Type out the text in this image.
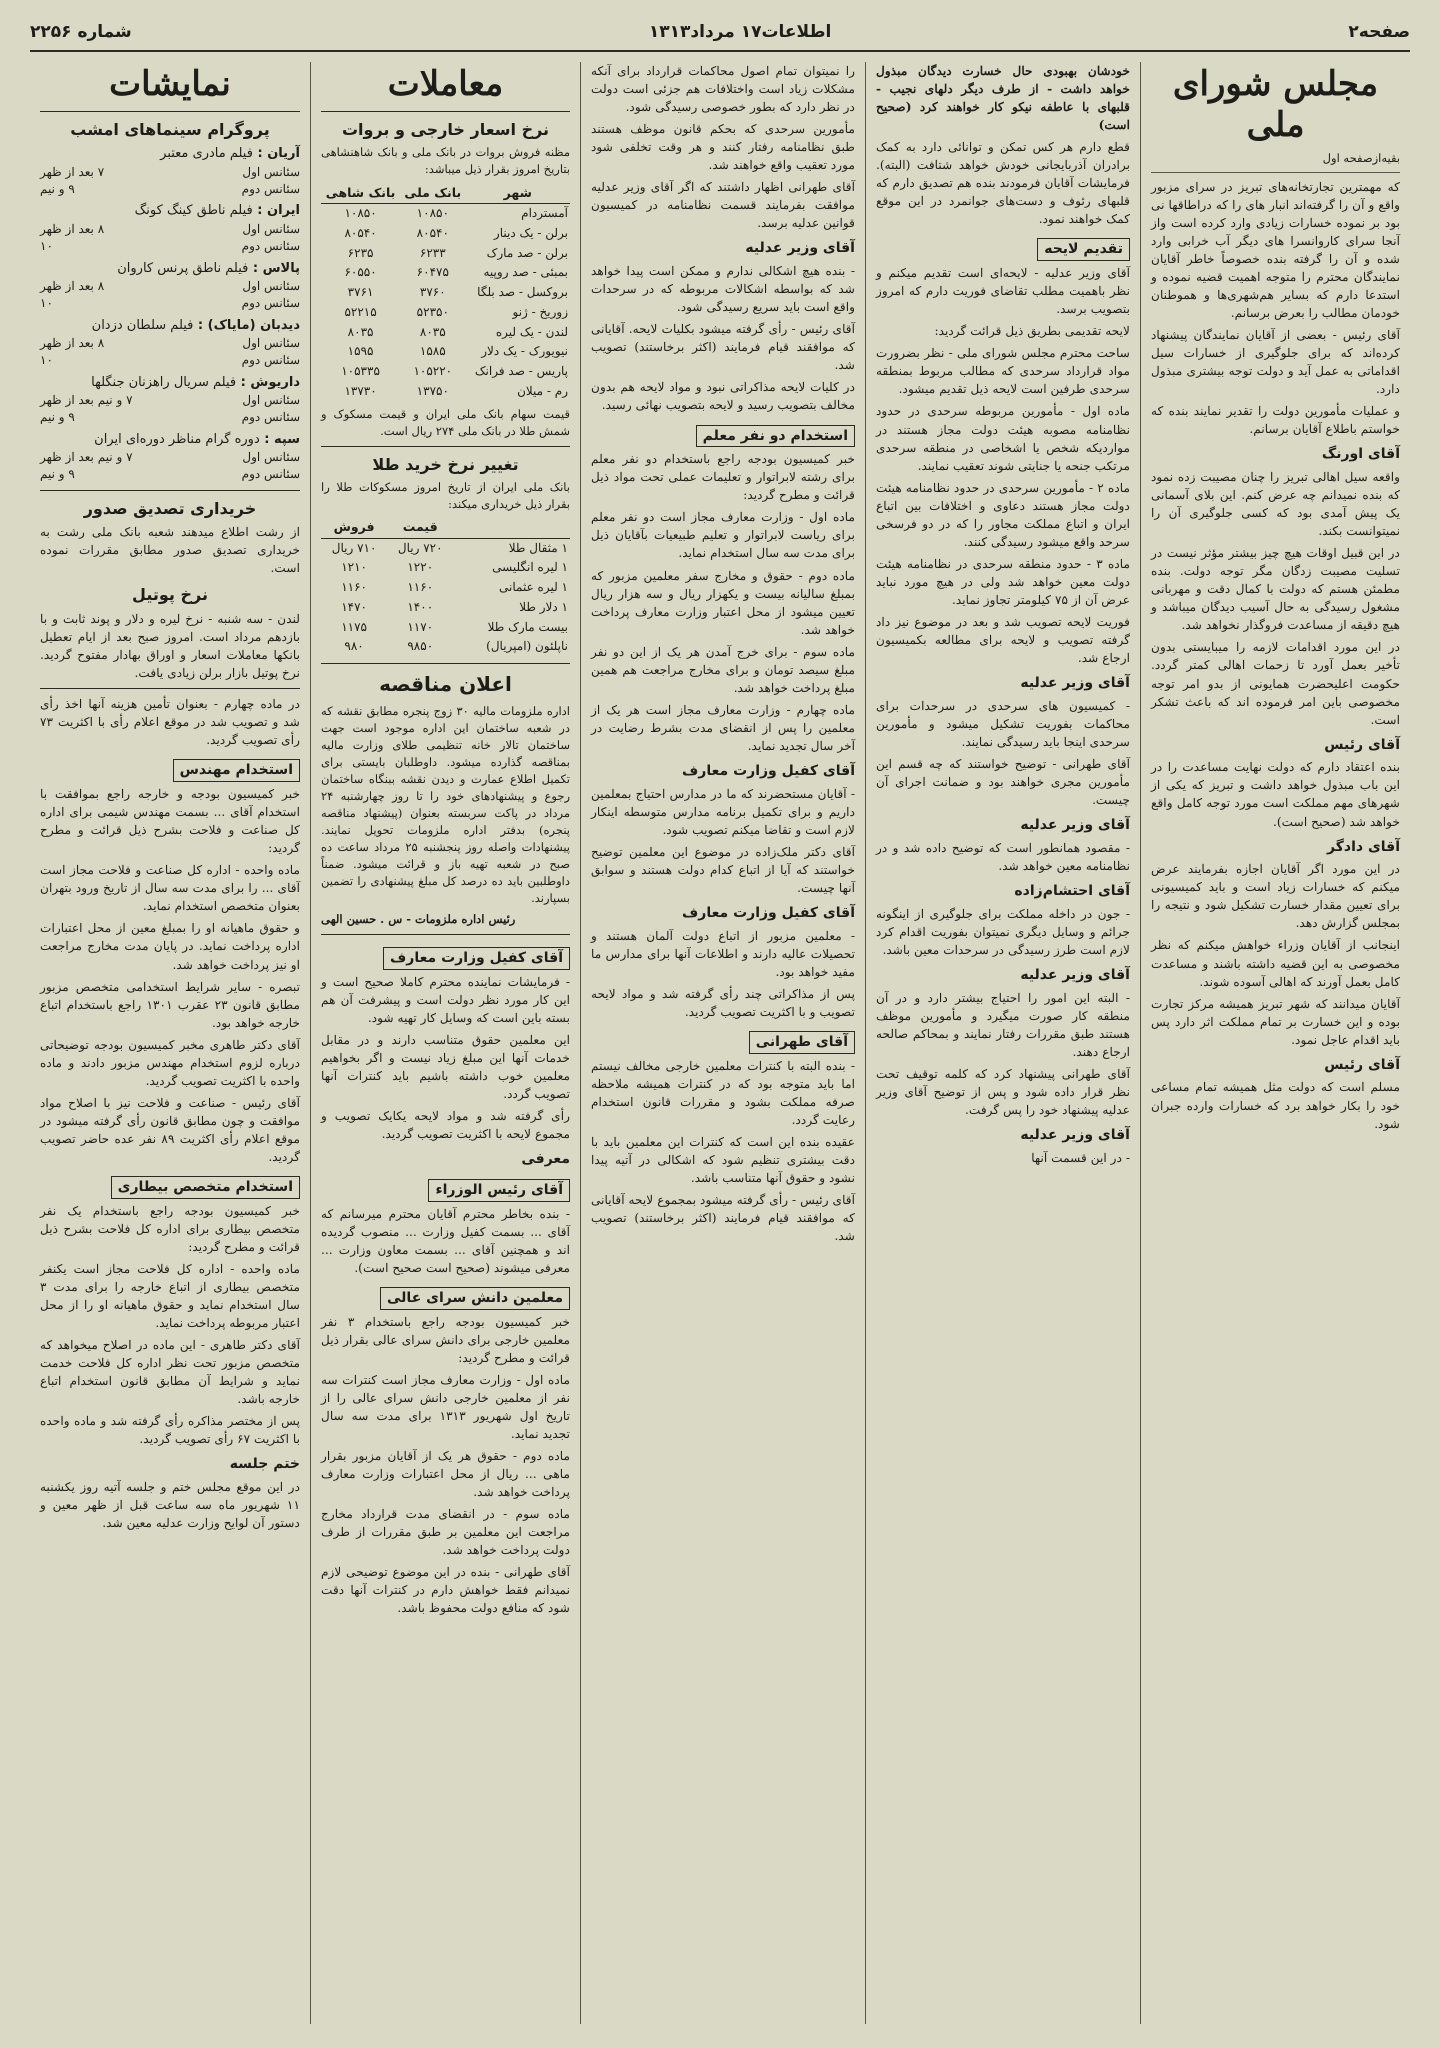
صفحه۲
اطلاعات۱۷ مرداد۱۳۱۳
شماره ۲۲۵۶
مجلس شورای ملی
بقیه‌ازصفحه اول

که مهمترین تجارتخانه‌های تبریز در سرای مزبور واقع و آن را گرفته‌اند انبار های را که دراطاقها نی بود بر نموده خسارات زیادی وارد کرده است واز آنجا سرای کاروانسرا های دیگر آب خرابی وارد شده و آن را گرفته بنده خصوصاً خاطر آقایان نمایندگان محترم را متوجه اهمیت قضیه نموده و استدعا دارم که بسایر هم‌شهری‌ها و هموطنان خودمان مطالب را بعرض برسانم.

آقای رئیس - بعضی از آقایان نمایندگان پیشنهاد کرده‌اند که برای جلوگیری از خسارات سیل اقداماتی به عمل آید و دولت توجه بیشتری مبذول دارد.

و عملیات مأمورین دولت را تقدیر نمایند بنده که خواستم باطلاع آقایان برسانم.

آقای اورنگ

واقعه سیل اهالی تبریز را چنان مصیبت زده نمود که بنده نمیدانم چه عرض کنم. این بلای آسمانی یک پیش آمدی بود که کسی جلوگیری آن را نمیتوانست بکند.

در این قبیل اوقات هیچ چیز بیشتر مؤثر نیست در تسلیت مصیبت زدگان مگر توجه دولت. بنده مطمئن هستم که دولت با کمال دقت و مهربانی مشغول رسیدگی به حال آسیب دیدگان میباشد و هیچ دقیقه از مساعدت فروگذار نخواهد شد.

در این مورد اقدامات لازمه را میبایستی بدون تأخیر بعمل آورد تا زحمات اهالی کمتر گردد. حکومت اعلیحضرت همایونی از بدو امر توجه مخصوصی باین امر فرموده اند که باعث تشکر است.

آقای رئیس

بنده اعتقاد دارم که دولت نهایت مساعدت را در این باب مبذول خواهد داشت و تبریز که یکی از شهرهای مهم مملکت است مورد توجه کامل واقع خواهد شد (صحیح است).

آقای دادگر

در این مورد اگر آقایان اجازه بفرمایند عرض میکنم که خسارات زیاد است و باید کمیسیونی برای تعیین مقدار خسارت تشکیل شود و نتیجه را بمجلس گزارش دهد.

اینجانب از آقایان وزراء خواهش میکنم که نظر مخصوصی به این قضیه داشته باشند و مساعدت کامل بعمل آورند که اهالی آسوده شوند.

آقایان میدانند که شهر تبریز همیشه مرکز تجارت بوده و این خسارت بر تمام مملکت اثر دارد پس باید اقدام عاجل نمود.

آقای رئیس

مسلم است که دولت مثل همیشه تمام مساعی خود را بکار خواهد برد که خسارات وارده جبران شود.

خودشان بهبودی حال خسارت دیدگان مبذول خواهد داشت - از طرف دیگر دلهای نجیب - قلبهای با عاطفه نیکو کار خواهند کرد (صحیح است)

قطع دارم هر کس تمکن و توانائی دارد به کمک برادران آذربایجانی خودش خواهد شتافت (البته). فرمایشات آقایان فرمودند بنده هم تصدیق دارم که قلبهای رئوف و دست‌های جوانمرد در این موقع کمک خواهند نمود.

تقدیم لایحه

آقای وزیر عدلیه - لایحه‌ای است تقدیم میکنم و نظر باهمیت مطلب تقاضای فوریت دارم که امروز بتصویب برسد.

لایحه تقدیمی بطریق ذیل قرائت گردید:

ساحت محترم مجلس شورای ملی - نظر بضرورت مواد قرارداد سرحدی که مطالب مربوط بمنطقه سرحدی طرفین است لایحه ذیل تقدیم میشود.

ماده اول - مأمورین مربوطه سرحدی در حدود نظامنامه مصوبه هیئت دولت مجاز هستند در مواردیکه شخص یا اشخاصی در منطقه سرحدی مرتکب جنحه یا جنایتی شوند تعقیب نمایند.

ماده ۲ - مأمورین سرحدی در حدود نظامنامه هیئت دولت مجاز هستند دعاوی و اختلافات بین اتباع ایران و اتباع مملکت مجاور را که در دو فرسخی سرحد واقع میشود رسیدگی کنند.

ماده ۳ - حدود منطقه سرحدی در نظامنامه هیئت دولت معین خواهد شد ولی در هیچ مورد نباید عرض آن از ۷۵ کیلومتر تجاوز نماید.

فوریت لایحه تصویب شد و بعد در موضوع نیز داد گرفته تصویب و لایحه برای مطالعه بکمیسیون ارجاع شد.

آقای وزیر عدلیه

- کمیسیون های سرحدی در سرحدات برای محاکمات بفوریت تشکیل میشود و مأمورین سرحدی اینجا باید رسیدگی نمایند.

آقای طهرانی - توضیح خواستند که چه قسم این مأمورین مجری خواهند بود و ضمانت اجرای آن چیست.

آقای وزیر عدلیه

- مقصود همانطور است که توضیح داده شد و در نظامنامه معین خواهد شد.

آقای احتشام‌زاده

- جون در داخله مملکت برای جلوگیری از اینگونه جرائم و وسایل دیگری نمیتوان بفوریت اقدام کرد لازم است طرز رسیدگی در سرحدات معین باشد.

آقای وزیر عدلیه

- البته این امور را احتیاج بیشتر دارد و در آن منطقه کار صورت میگیرد و مأمورین موظف هستند طبق مقررات رفتار نمایند و بمحاکم صالحه ارجاع دهند.

آقای طهرانی پیشنهاد کرد که کلمه توقیف تحت نظر قرار داده شود و پس از توضیح آقای وزیر عدلیه پیشنهاد خود را پس گرفت.

آقای وزیر عدلیه

- در این قسمت آنها

را نمیتوان تمام اصول محاکمات قرارداد برای آنکه مشکلات زیاد است واختلافات هم جزئی است دولت در نظر دارد که بطور خصوصی رسیدگی شود.

مأمورین سرحدی که بحکم قانون موظف هستند طبق نظامنامه رفتار کنند و هر وقت تخلفی شود مورد تعقیب واقع خواهند شد.

آقای طهرانی اظهار داشتند که اگر آقای وزیر عدلیه موافقت بفرمایند قسمت نظامنامه در کمیسیون قوانین عدلیه برسد.

آقای وزیر عدلیه

- بنده هیچ اشکالی ندارم و ممکن است پیدا خواهد شد که بواسطه اشکالات مربوطه که در سرحدات واقع است باید سریع رسیدگی شود.

آقای رئیس - رأی گرفته میشود بکلیات لایحه. آقایانی که موافقند قیام فرمایند (اکثر برخاستند) تصویب شد.

در کلیات لایحه مذاکراتی نبود و مواد لایحه هم بدون مخالف بتصویب رسید و لایحه بتصویب نهائی رسید.

استخدام دو نفر معلم

خبر کمیسیون بودجه راجع باستخدام دو نفر معلم برای رشته لابراتوار و تعلیمات عملی تحت مواد ذیل قرائت و مطرح گردید:

ماده اول - وزارت معارف مجاز است دو نفر معلم برای ریاست لابراتوار و تعلیم طبیعیات بآقایان ذیل برای مدت سه سال استخدام نماید.

ماده دوم - حقوق و مخارج سفر معلمین مزبور که بمبلغ سالیانه بیست و یکهزار ریال و سه هزار ریال تعیین میشود از محل اعتبار وزارت معارف پرداخت خواهد شد.

ماده سوم - برای خرج آمدن هر یک از این دو نفر مبلغ سیصد تومان و برای مخارج مراجعت هم همین مبلغ پرداخت خواهد شد.

ماده چهارم - وزارت معارف مجاز است هر یک از معلمین را پس از انقضای مدت بشرط رضایت در آخر سال تجدید نماید.

آقای کفیل وزارت معارف

- آقایان مستحضرند که ما در مدارس احتیاج بمعلمین داریم و برای تکمیل برنامه مدارس متوسطه اینکار لازم است و تقاضا میکنم تصویب شود.

آقای دکتر ملک‌زاده در موضوع این معلمین توضیح خواستند که آیا از اتباع کدام دولت هستند و سوابق آنها چیست.

آقای کفیل وزارت معارف

- معلمین مزبور از اتباع دولت آلمان هستند و تحصیلات عالیه دارند و اطلاعات آنها برای مدارس ما مفید خواهد بود.

پس از مذاکراتی چند رأی گرفته شد و مواد لایحه تصویب و با اکثریت تصویب گردید.

آقای طهرانی

- بنده البته با کنترات معلمین خارجی مخالف نیستم اما باید متوجه بود که در کنترات همیشه ملاحظه صرفه مملکت بشود و مقررات قانون استخدام رعایت گردد.

عقیده بنده این است که کنترات این معلمین باید با دقت بیشتری تنظیم شود که اشکالی در آتیه پیدا نشود و حقوق آنها متناسب باشد.

آقای رئیس - رأی گرفته میشود بمجموع لایحه آقایانی که موافقند قیام فرمایند (اکثر برخاستند) تصویب شد.

معاملات
نرخ اسعار خارجی و بروات

مظنه فروش بروات در بانک ملی و بانک شاهنشاهی بتاریخ امروز بقرار ذیل میباشد:

شهر	بانک ملی	بانک شاهی
آمستردام	۱۰۸۵۰	۱۰۸۵۰
برلن - یک دینار	۸۰۵۴۰	۸۰۵۴۰
برلن - صد مارک	۶۲۳۳	۶۲۳۵
بمبئی - صد روپیه	۶۰۴۷۵	۶۰۵۵۰
بروکسل - صد بلگا	۳۷۶۰	۳۷۶۱
زوریخ - ژنو	۵۲۳۵۰	۵۲۲۱۵
لندن - یک لیره	۸۰۳۵	۸۰۳۵
نیویورک - یک دلار	۱۵۸۵	۱۵۹۵
پاریس - صد فرانک	۱۰۵۲۲۰	۱۰۵۳۳۵
رم - میلان	۱۳۷۵۰	۱۳۷۳۰

قیمت سهام بانک ملی ایران و قیمت مسکوک و شمش طلا در بانک ملی ۲۷۴ ریال است.

تغییر نرخ خرید طلا

بانک ملی ایران از تاریخ امروز مسکوکات طلا را بقرار ذیل خریداری میکند:

	قیمت	فروش
۱ مثقال طلا	۷۲۰ ریال	۷۱۰ ریال
۱ لیره انگلیسی	۱۲۲۰	۱۲۱۰
۱ لیره عثمانی	۱۱۶۰	۱۱۶۰
۱ دلار طلا	۱۴۰۰	۱۴۷۰
بیست مارک طلا	۱۱۷۰	۱۱۷۵
ناپلئون (امپریال)	۹۸۵۰	۹۸۰
اعلان مناقصه

اداره ملزومات مالیه ۳۰ زوج پنجره مطابق نقشه که در شعبه ساختمان این اداره موجود است جهت ساختمان تالار خانه تنظیمی طلای وزارت مالیه بمناقصه گذارده میشود. داوطلبان بایستی برای تکمیل اطلاع عمارت و دیدن نقشه ببنگاه ساختمان رجوع و پیشنهادهای خود را تا روز چهارشنبه ۲۴ مرداد در پاکت سربسته بعنوان (پیشنهاد مناقصه پنجره) بدفتر اداره ملزومات تحویل نمایند. پیشنهادات واصله روز پنجشنبه ۲۵ مرداد ساعت ده صبح در شعبه تهیه باز و قرائت میشود. ضمناً داوطلبین باید ده درصد کل مبلغ پیشنهادی را تضمین بسپارند.

رئیس اداره ملزومات - س . حسین الهی

آقای کفیل وزارت معارف

- فرمایشات نماینده محترم کاملا صحیح است و این کار مورد نظر دولت است و پیشرفت آن هم بسته باین است که وسایل کار تهیه شود.

این معلمین حقوق متناسب دارند و در مقابل خدمات آنها این مبلغ زیاد نیست و اگر بخواهیم معلمین خوب داشته باشیم باید کنترات آنها تصویب گردد.

رأی گرفته شد و مواد لایحه یکایک تصویب و مجموع لایحه با اکثریت تصویب گردید.

معرفی
آقای رئیس الوزراء

- بنده بخاطر محترم آقایان محترم میرسانم که آقای ... بسمت کفیل وزارت ... منصوب گردیده اند و همچنین آقای ... بسمت معاون وزارت ... معرفی میشوند (صحیح است صحیح است).

معلمین دانش سرای عالی

خبر کمیسیون بودجه راجع باستخدام ۳ نفر معلمین خارجی برای دانش سرای عالی بقرار ذیل قرائت و مطرح گردید:

ماده اول - وزارت معارف مجاز است کنترات سه نفر از معلمین خارجی دانش سرای عالی را از تاریخ اول شهریور ۱۳۱۳ برای مدت سه سال تجدید نماید.

ماده دوم - حقوق هر یک از آقایان مزبور بقرار ماهی ... ریال از محل اعتبارات وزارت معارف پرداخت خواهد شد.

ماده سوم - در انقضای مدت قرارداد مخارج مراجعت این معلمین بر طبق مقررات از طرف دولت پرداخت خواهد شد.

آقای طهرانی - بنده در این موضوع توضیحی لازم نمیدانم فقط خواهش دارم در کنترات آنها دقت شود که منافع دولت محفوظ باشد.

نمایشات
پروگرام سینماهای امشب
آریان : فیلم مادری معتبر
سئانس اول
۷ بعد از ظهر
سئانس دوم
۹ و نیم
ایران : فیلم ناطق کینگ کونگ
سئانس اول
۸ بعد از ظهر
سئانس دوم
۱۰
پالاس : فیلم ناطق پرنس کاروان
سئانس اول
۸ بعد از ظهر
سئانس دوم
۱۰
دیدبان (مایاک) : فیلم سلطان دزدان
سئانس اول
۸ بعد از ظهر
سئانس دوم
۱۰
داریوش : فیلم سریال راهزنان جنگلها
سئانس اول
۷ و نیم بعد از ظهر
سئانس دوم
۹ و نیم
سپه : دوره گرام مناظر دوره‌ای ایران
سئانس اول
۷ و نیم بعد از ظهر
سئانس دوم
۹ و نیم
خریداری تصدیق صدور

از رشت اطلاع میدهند شعبه بانک ملی رشت به خریداری تصدیق صدور مطابق مقررات نموده است.

نرخ پوتیل

لندن - سه شنبه - نرخ لیره و دلار و پوند ثابت و با بازدهم مرداد است. امروز صبح بعد از ایام تعطیل بانکها معاملات اسعار و اوراق بهادار مفتوح گردید. نرخ پوتیل بازار برلن زیادی یافت.

در ماده چهارم - بعنوان تأمین هزینه آنها اخذ رأی شد و تصویب شد در موقع اعلام رأی با اکثریت ۷۳ رأی تصویب گردید.

استخدام مهندس

خبر کمیسیون بودجه و خارجه راجع بموافقت با استخدام آقای ... بسمت مهندس شیمی برای اداره کل صناعت و فلاحت بشرح ذیل قرائت و مطرح گردید:

ماده واحده - اداره کل صناعت و فلاحت مجاز است آقای ... را برای مدت سه سال از تاریخ ورود بتهران بعنوان متخصص استخدام نماید.

و حقوق ماهیانه او را بمبلغ معین از محل اعتبارات اداره پرداخت نماید. در پایان مدت مخارج مراجعت او نیز پرداخت خواهد شد.

تبصره - سایر شرایط استخدامی متخصص مزبور مطابق قانون ۲۳ عقرب ۱۳۰۱ راجع باستخدام اتباع خارجه خواهد بود.

آقای دکتر طاهری مخبر کمیسیون بودجه توضیحاتی درباره لزوم استخدام مهندس مزبور دادند و ماده واحده با اکثریت تصویب گردید.

آقای رئیس - صناعت و فلاحت نیز با اصلاح مواد موافقت و چون مطابق قانون رأی گرفته میشود در موقع اعلام رأی اکثریت ۸۹ نفر عده حاضر تصویب گردید.

استخدام متخصص بیطاری

خبر کمیسیون بودجه راجع باستخدام یک نفر متخصص بیطاری برای اداره کل فلاحت بشرح ذیل قرائت و مطرح گردید:

ماده واحده - اداره کل فلاحت مجاز است یکنفر متخصص بیطاری از اتباع خارجه را برای مدت ۳ سال استخدام نماید و حقوق ماهیانه او را از محل اعتبار مربوطه پرداخت نماید.

آقای دکتر طاهری - این ماده در اصلاح میخواهد که متخصص مزبور تحت نظر اداره کل فلاحت خدمت نماید و شرایط آن مطابق قانون استخدام اتباع خارجه باشد.

پس از مختصر مذاکره رأی گرفته شد و ماده واحده با اکثریت ۶۷ رأی تصویب گردید.

ختم جلسه

در این موقع مجلس ختم و جلسه آتیه روز یکشنبه ۱۱ شهریور ماه سه ساعت قبل از ظهر معین و دستور آن لوایح وزارت عدلیه معین شد.
